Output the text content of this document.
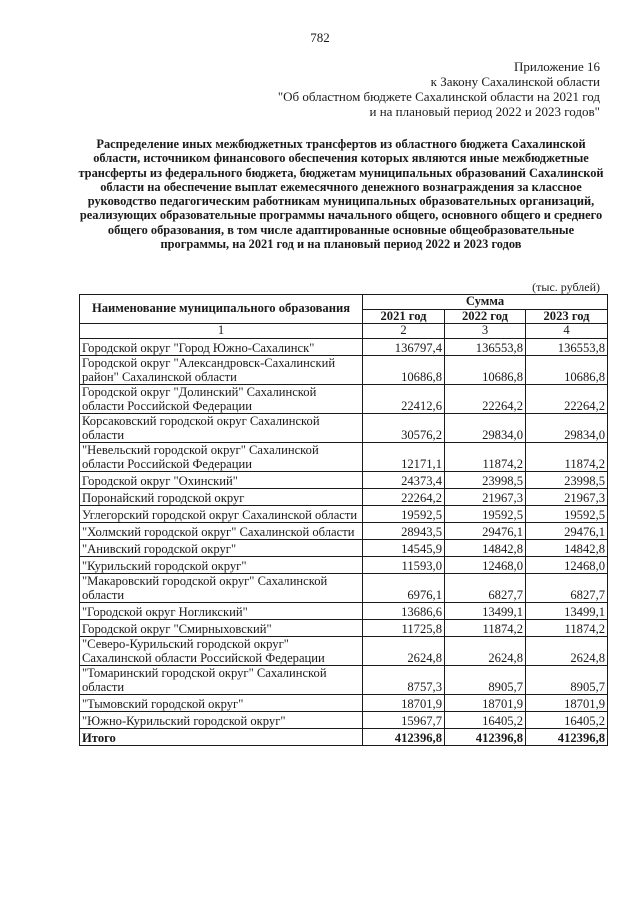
782
Приложение 16
к Закону Сахалинской области
"Об областном бюджете Сахалинской области на 2021 год
и на плановый период 2022 и 2023 годов"
Распределение иных межбюджетных трансфертов из областного бюджета Сахалинской области, источником финансового обеспечения которых являются иные межбюджетные трансферты из федерального бюджета, бюджетам муниципальных образований Сахалинской области на обеспечение выплат ежемесячного денежного вознаграждения за классное руководство педагогическим работникам муниципальных образовательных организаций, реализующих образовательные программы начального общего, основного общего и среднего общего образования, в том числе адаптированные основные общеобразовательные программы, на 2021 год и на плановый период 2022 и 2023 годов
(тыс. рублей)
Наименование муниципального образования	Сумма		
	2021 год	2022 год	2023 год
1	2	3	4
Городской округ "Город Южно-Сахалинск"	136797,4	136553,8	136553,8
Городской округ "Александровск-Сахалинский район" Сахалинской области	10686,8	10686,8	10686,8
Городской округ "Долинский" Сахалинской области Российской Федерации	22412,6	22264,2	22264,2
Корсаковский городской округ Сахалинской области	30576,2	29834,0	29834,0
"Невельский городской округ" Сахалинской области Российской Федерации	12171,1	11874,2	11874,2
Городской округ "Охинский"	24373,4	23998,5	23998,5
Поронайский городской округ	22264,2	21967,3	21967,3
Углегорский городской округ Сахалинской области	19592,5	19592,5	19592,5
"Холмский городской округ" Сахалинской области	28943,5	29476,1	29476,1
"Анивский городской округ"	14545,9	14842,8	14842,8
"Курильский городской округ"	11593,0	12468,0	12468,0
"Макаровский городской округ" Сахалинской области	6976,1	6827,7	6827,7
"Городской округ Ногликский"	13686,6	13499,1	13499,1
Городской округ "Смирныховский"	11725,8	11874,2	11874,2
"Северо-Курильский городской округ" Сахалинской области Российской Федерации	2624,8	2624,8	2624,8
"Томаринский городской округ" Сахалинской области	8757,3	8905,7	8905,7
"Тымовский городской округ"	18701,9	18701,9	18701,9
"Южно-Курильский городской округ"	15967,7	16405,2	16405,2
Итого	412396,8	412396,8	412396,8
